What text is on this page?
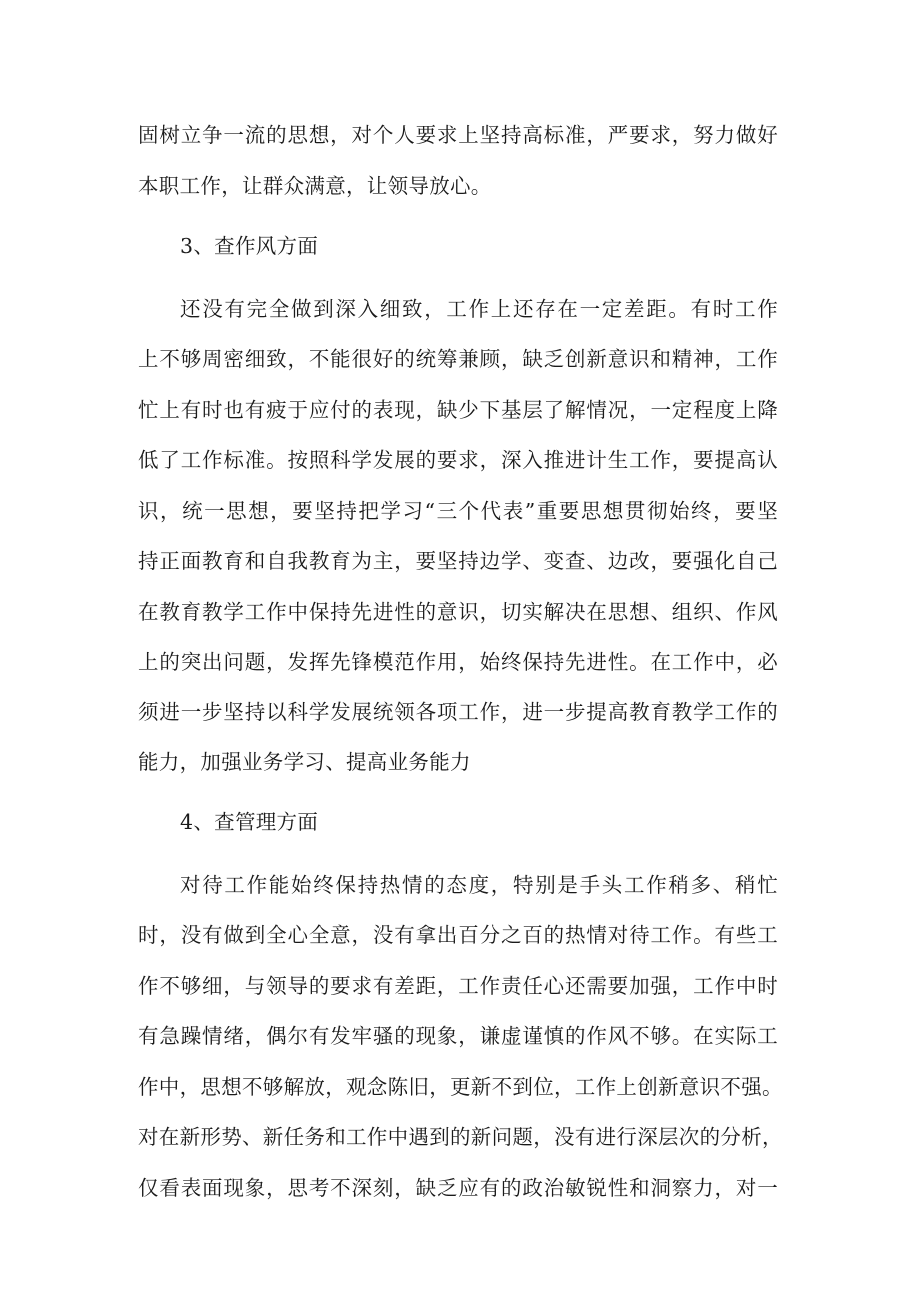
固树立争一流的思想，对个人要求上坚持高标准，严要求，努力做好
本职工作，让群众满意，让领导放心。
3、查作风方面
还没有完全做到深入细致，工作上还存在一定差距。有时工作
上不够周密细致，不能很好的统筹兼顾，缺乏创新意识和精神，工作
忙上有时也有疲于应付的表现，缺少下基层了解情况，一定程度上降
低了工作标准。按照科学发展的要求，深入推进计生工作，要提高认
识，统一思想，要坚持把学习“三个代表”重要思想贯彻始终，要坚
持正面教育和自我教育为主，要坚持边学、变查、边改，要强化自己
在教育教学工作中保持先进性的意识，切实解决在思想、组织、作风
上的突出问题，发挥先锋模范作用，始终保持先进性。在工作中，必
须进一步坚持以科学发展统领各项工作，进一步提高教育教学工作的
能力，加强业务学习、提高业务能力
4、查管理方面
对待工作能始终保持热情的态度，特别是手头工作稍多、稍忙
时，没有做到全心全意，没有拿出百分之百的热情对待工作。有些工
作不够细，与领导的要求有差距，工作责任心还需要加强，工作中时
有急躁情绪，偶尔有发牢骚的现象，谦虚谨慎的作风不够。在实际工
作中，思想不够解放，观念陈旧，更新不到位，工作上创新意识不强。
对在新形势、新任务和工作中遇到的新问题，没有进行深层次的分析，
仅看表面现象，思考不深刻，缺乏应有的政治敏锐性和洞察力，对一
